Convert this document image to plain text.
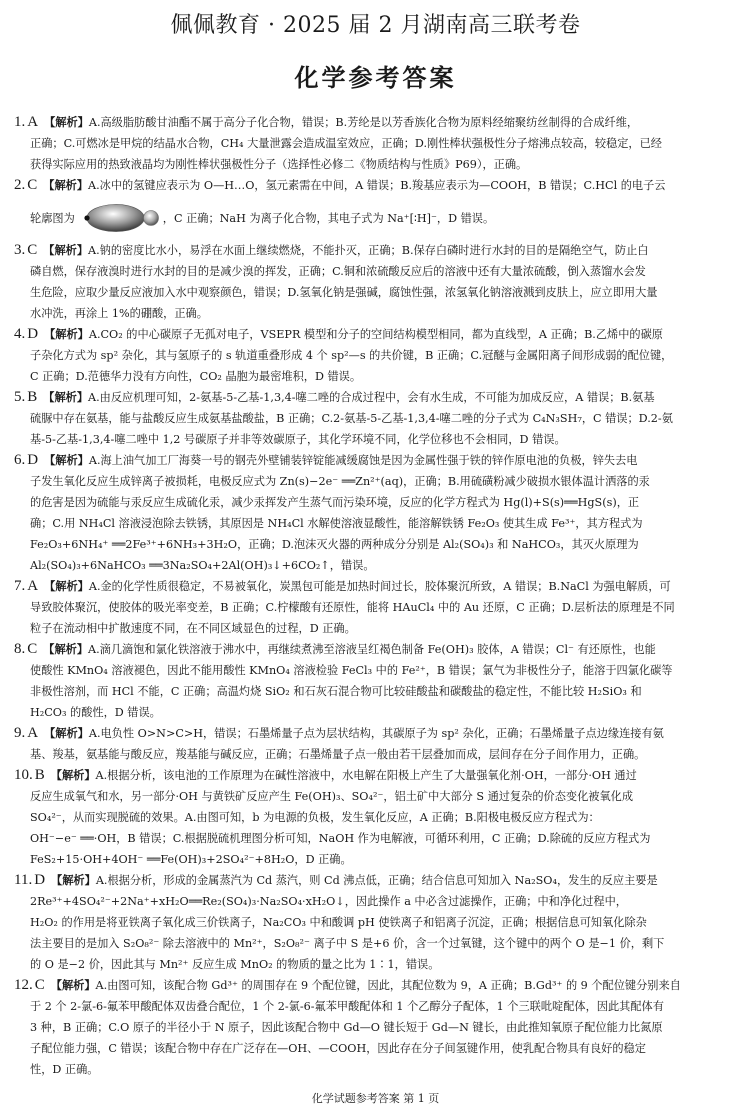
佩佩教育 · 2025 届 2 月湖南高三联考卷
化学参考答案
1. A 【解析】A.高级脂肪酸甘油酯不属于高分子化合物，错误；B.芳纶是以芳香族化合物为原料经缩聚纺丝制得的合成纤维，
正确；C.可燃冰是甲烷的结晶水合物，CH₄ 大量泄露会造成温室效应，正确；D.刚性棒状强极性分子熔沸点较高，较稳定，已经
获得实际应用的热致液晶均为刚性棒状强极性分子（选择性必修二《物质结构与性质》P69），正确。
2. C 【解析】A.冰中的氢键应表示为 O—H…O，氢元素需在中间，A 错误；B.羧基应表示为—COOH，B 错误；C.HCl 的电子云
轮廓图为	，C 正确；NaH 为离子化合物，其电子式为 Na⁺[∶H]⁻，D 错误。
3. C 【解析】A.钠的密度比水小，易浮在水面上继续燃烧，不能扑灭，正确；B.保存白磷时进行水封的目的是隔绝空气，防止白
磷自燃，保存液溴时进行水封的目的是减少溴的挥发，正确；C.铜和浓硫酸反应后的溶液中还有大量浓硫酸，倒入蒸馏水会发
生危险，应取少量反应液加入水中观察颜色，错误；D.氢氧化钠是强碱，腐蚀性强，浓氢氧化钠溶液溅到皮肤上，应立即用大量
水冲洗，再涂上 1%的硼酸，正确。
4. D 【解析】A.CO₂ 的中心碳原子无孤对电子，VSEPR 模型和分子的空间结构模型相同，都为直线型，A 正确；B.乙烯中的碳原
子杂化方式为 sp² 杂化，其与氢原子的 s 轨道重叠形成 4 个 sp²—s 的共价键，B 正确；C.冠醚与金属阳离子间形成弱的配位键，
C 正确；D.范德华力没有方向性，CO₂ 晶胞为最密堆积，D 错误。
5. B 【解析】A.由反应机理可知，2-氨基-5-乙基-1,3,4-噻二唑的合成过程中，会有水生成，不可能为加成反应，A 错误；B.氨基
硫脲中存在氨基，能与盐酸反应生成氨基盐酸盐，B 正确；C.2-氨基-5-乙基-1,3,4-噻二唑的分子式为 C₄N₃SH₇，C 错误；D.2-氨
基-5-乙基-1,3,4-噻二唑中 1,2 号碳原子并非等效碳原子，其化学环境不同，化学位移也不会相同，D 错误。
6. D 【解析】A.海上油气加工厂海葵一号的钢壳外壁铺装锌锭能减缓腐蚀是因为金属性强于铁的锌作原电池的负极，锌失去电
子发生氧化反应生成锌离子被损耗，电极反应式为 Zn(s)−2e⁻ ══Zn²⁺(aq)，正确；B.用硫磺粉减少破损水银体温计洒落的汞
的危害是因为硫能与汞反应生成硫化汞，减少汞挥发产生蒸气而污染环境，反应的化学方程式为 Hg(l)+S(s)══HgS(s)，正
确；C.用 NH₄Cl 溶液浸泡除去铁锈，其原因是 NH₄Cl 水解使溶液显酸性，能溶解铁锈 Fe₂O₃ 使其生成 Fe³⁺，其方程式为
Fe₂O₃+6NH₄⁺ ══2Fe³⁺+6NH₃+3H₂O，正确；D.泡沫灭火器的两种成分分别是 Al₂(SO₄)₃ 和 NaHCO₃，其灭火原理为
Al₂(SO₄)₃+6NaHCO₃ ══3Na₂SO₄+2Al(OH)₃↓+6CO₂↑，错误。
7. A 【解析】A.金的化学性质很稳定，不易被氧化，炭黑包可能是加热时间过长，胶体聚沉所致，A 错误；B.NaCl 为强电解质，可
导致胶体聚沉，使胶体的吸光率变差，B 正确；C.柠檬酸有还原性，能将 HAuCl₄ 中的 Au 还原，C 正确；D.层析法的原理是不同
粒子在流动相中扩散速度不同，在不同区域显色的过程，D 正确。
8. C 【解析】A.滴几滴饱和氯化铁溶液于沸水中，再继续煮沸至溶液呈红褐色制备 Fe(OH)₃ 胶体，A 错误；Cl⁻ 有还原性，也能
使酸性 KMnO₄ 溶液褪色，因此不能用酸性 KMnO₄ 溶液检验 FeCl₃ 中的 Fe²⁺，B 错误；氯气为非极性分子，能溶于四氯化碳等
非极性溶剂，而 HCl 不能，C 正确；高温灼烧 SiO₂ 和石灰石混合物可比较硅酸盐和碳酸盐的稳定性，不能比较 H₂SiO₃ 和
H₂CO₃ 的酸性，D 错误。
9. A 【解析】A.电负性 O>N>C>H，错误；石墨烯量子点为层状结构，其碳原子为 sp² 杂化，正确；石墨烯量子点边缘连接有氨
基、羧基，氨基能与酸反应，羧基能与碱反应，正确；石墨烯量子点一般由若干层叠加而成，层间存在分子间作用力，正确。
10. B 【解析】A.根据分析，该电池的工作原理为在碱性溶液中，水电解在阳极上产生了大量强氧化剂·OH，一部分·OH 通过
反应生成氧气和水，另一部分·OH 与黄铁矿反应产生 Fe(OH)₃、SO₄²⁻，铝土矿中大部分 S 通过复杂的价态变化被氧化成
SO₄²⁻，从而实现脱硫的效果。A.由图可知，b 为电源的负极，发生氧化反应，A 正确；B.阳极电极反应方程式为：
OH⁻−e⁻ ══·OH，B 错误；C.根据脱硫机理图分析可知，NaOH 作为电解液，可循环利用，C 正确；D.除硫的反应方程式为
FeS₂+15·OH+4OH⁻ ══Fe(OH)₃+2SO₄²⁻+8H₂O，D 正确。
11. D 【解析】A.根据分析，形成的金属蒸汽为 Cd 蒸汽，则 Cd 沸点低，正确；结合信息可知加入 Na₂SO₄，发生的反应主要是
2Re³⁺+4SO₄²⁻+2Na⁺+xH₂O══Re₂(SO₄)₃·Na₂SO₄·xH₂O↓，因此操作 a 中必含过滤操作，正确；中和净化过程中，
H₂O₂ 的作用是将亚铁离子氧化成三价铁离子，Na₂CO₃ 中和酸调 pH 使铁离子和铝离子沉淀，正确；根据信息可知氧化除杂
法主要目的是加入 S₂O₈²⁻ 除去溶液中的 Mn²⁺，S₂O₈²⁻ 离子中 S 是+6 价，含一个过氧键，这个键中的两个 O 是−1 价，剩下
的 O 是−2 价，因此其与 Mn²⁺ 反应生成 MnO₂ 的物质的量之比为 1∶1，错误。
12. C 【解析】A.由图可知，该配合物 Gd³⁺ 的周围存在 9 个配位键，因此，其配位数为 9，A 正确；B.Gd³⁺ 的 9 个配位键分别来自
于 2 个 2-氯-6-氟苯甲酸配体双齿叠合配位，1 个 2-氯-6-氟苯甲酸配体和 1 个乙醇分子配体，1 个三联吡啶配体，因此其配体有
3 种，B 正确；C.O 原子的半径小于 N 原子，因此该配合物中 Gd—O 键长短于 Gd—N 键长，由此推知氧原子配位能力比氮原
子配位能力强，C 错误；该配合物中存在广泛存在—OH、—COOH，因此存在分子间氢键作用，使乳配合物具有良好的稳定
性，D 正确。
化学试题参考答案 第 1 页
